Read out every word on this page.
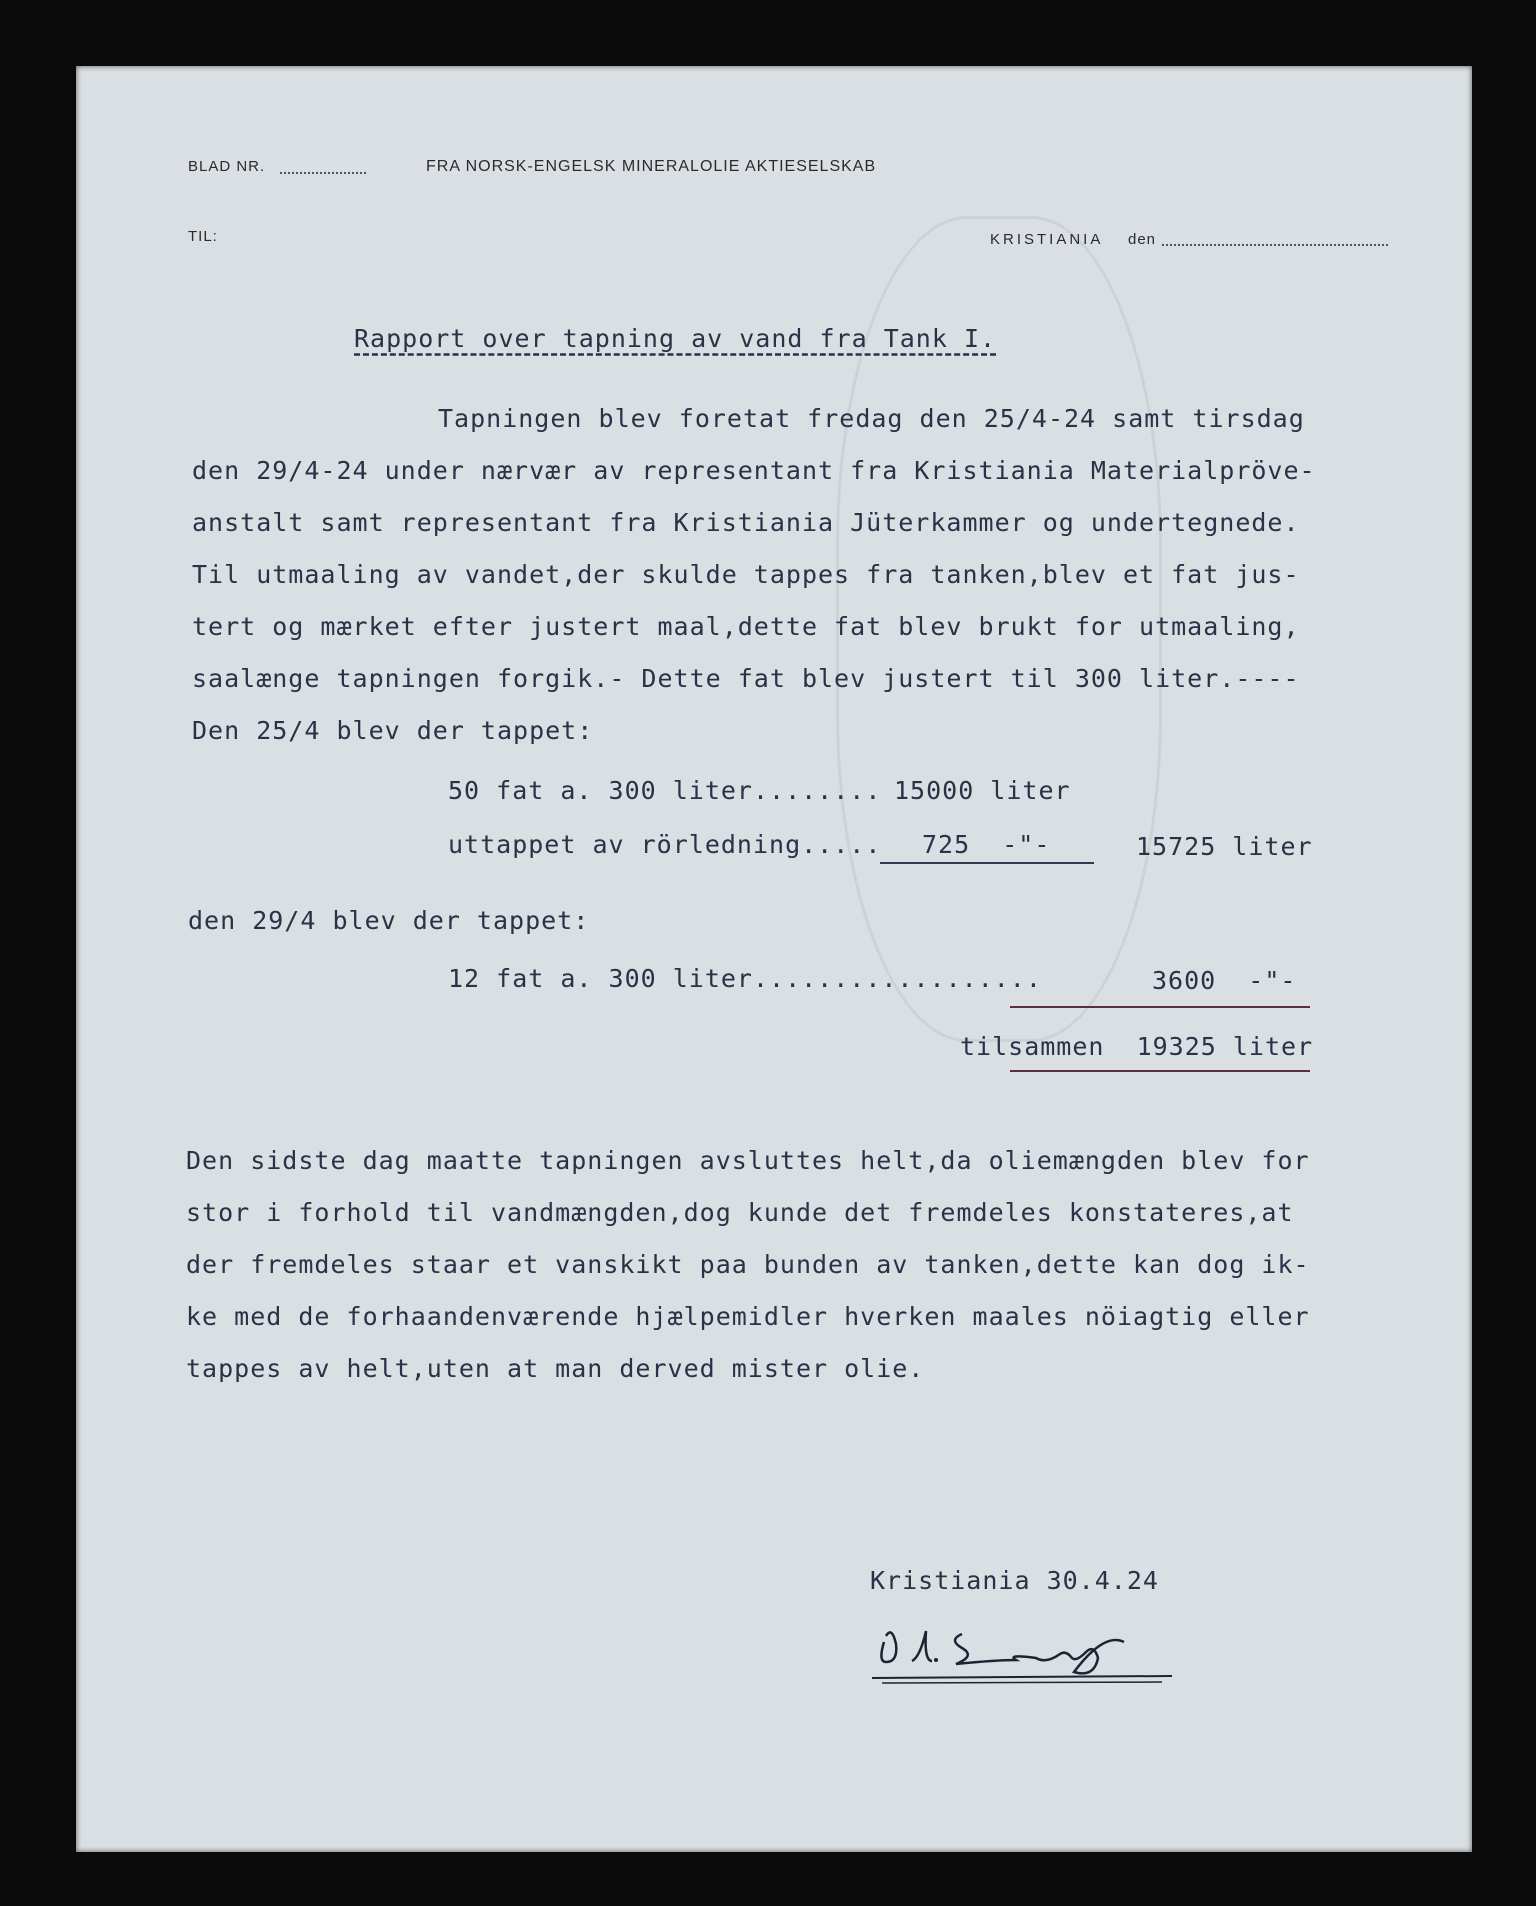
BLAD NR.	FRA NORSK-ENGELSK MINERALOLIE AKTIESELSKAB
TIL:	KRISTIANIA den
Rapport over tapning av vand fra Tank I.
Tapningen blev foretat fredag den 25/4-24 samt tirsdag
den 29/4-24 under nærvær av representant fra Kristiania Materialpröve-
anstalt samt representant fra Kristiania Jüterkammer og undertegnede.
Til utmaaling av vandet,der skulde tappes fra tanken,blev et fat jus-
tert og mærket efter justert maal,dette fat blev brukt for utmaaling,
saalænge tapningen forgik.- Dette fat blev justert til 300 liter.----
Den 25/4 blev der tappet:
50 fat a. 300 liter........ 15000 liter
uttappet av rörledning..... 725  -"-	15725 liter
den 29/4 blev der tappet:
12 fat a. 300 liter..................	3600  -"-
tilsammen  19325 liter
Den sidste dag maatte tapningen avsluttes helt,da oliemængden blev for
stor i forhold til vandmængden,dog kunde det fremdeles konstateres,at
der fremdeles staar et vanskikt paa bunden av tanken,dette kan dog ik-
ke med de forhaandenværende hjælpemidler hverken maales nöiagtig eller
tappes av helt,uten at man derved mister olie.
Kristiania 30.4.24
